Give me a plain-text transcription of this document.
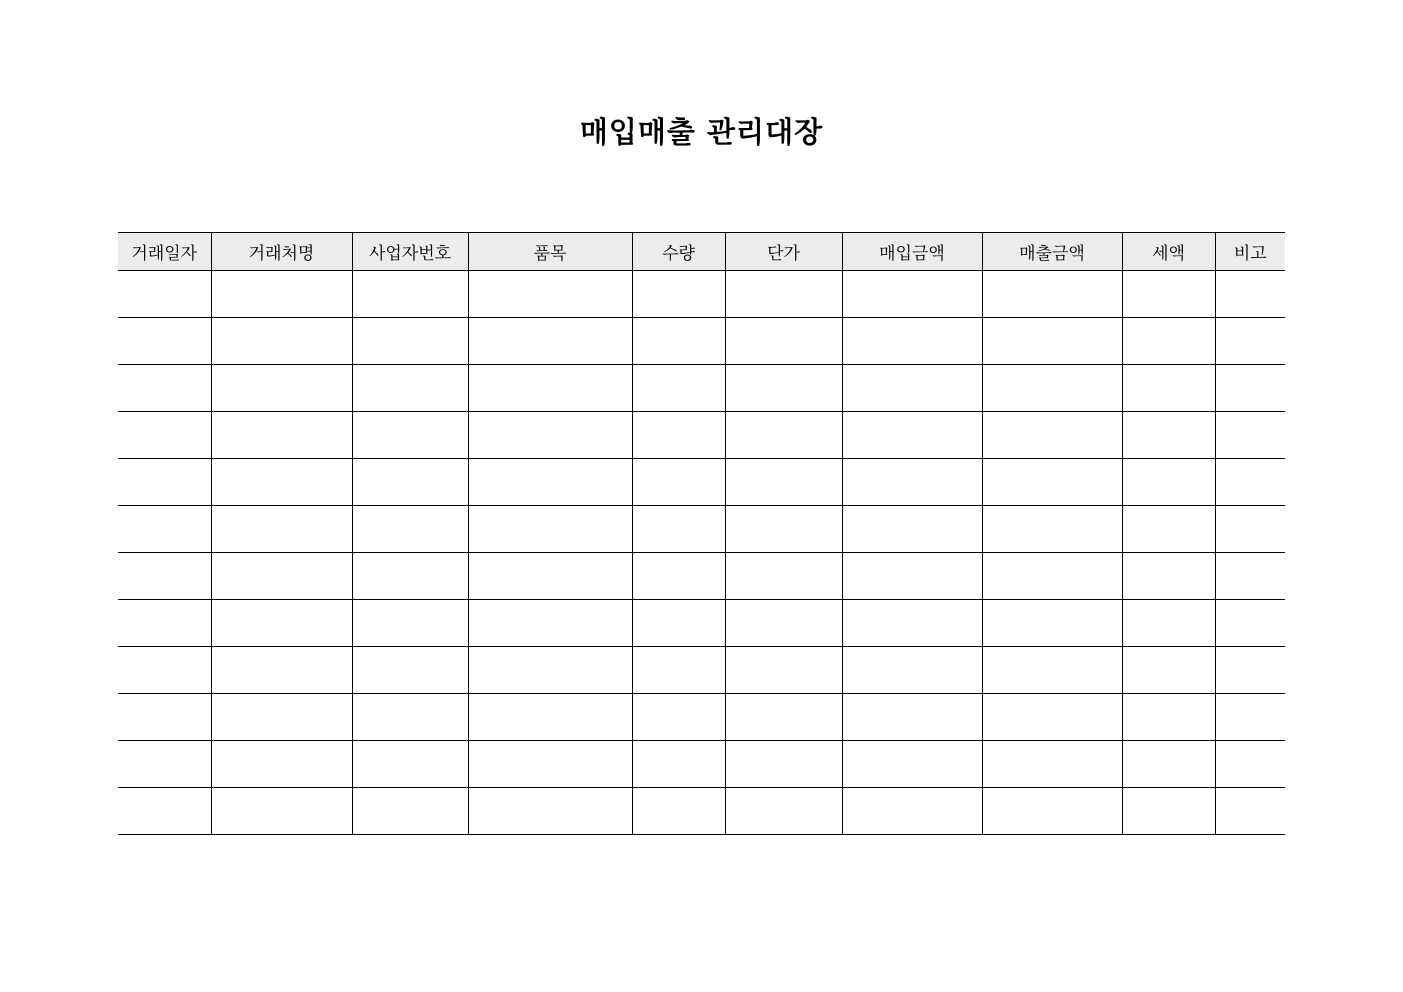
매입매출 관리대장
거래일자	거래처명	사업자번호	품목	수량	단가	매입금액	매출금액	세액	비고
